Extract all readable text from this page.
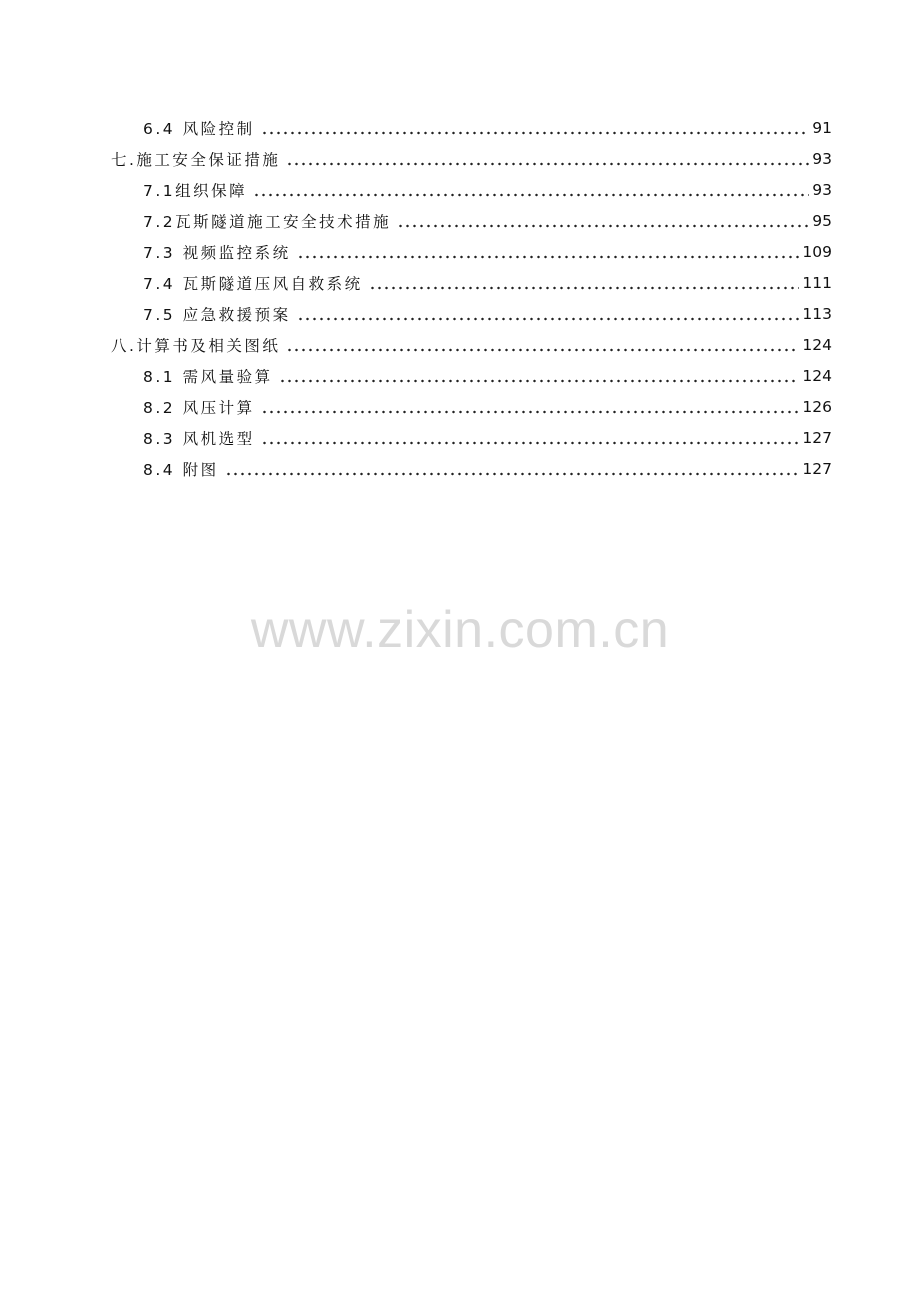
6.4 风险控制	91
七.施工安全保证措施	93
7.1组织保障	93
7.2瓦斯隧道施工安全技术措施	95
7.3 视频监控系统	109
7.4 瓦斯隧道压风自救系统	111
7.5 应急救援预案	113
八.计算书及相关图纸	124
8.1 需风量验算	124
8.2 风压计算	126
8.3 风机选型	127
8.4 附图	127
www.zixin.com.cn
